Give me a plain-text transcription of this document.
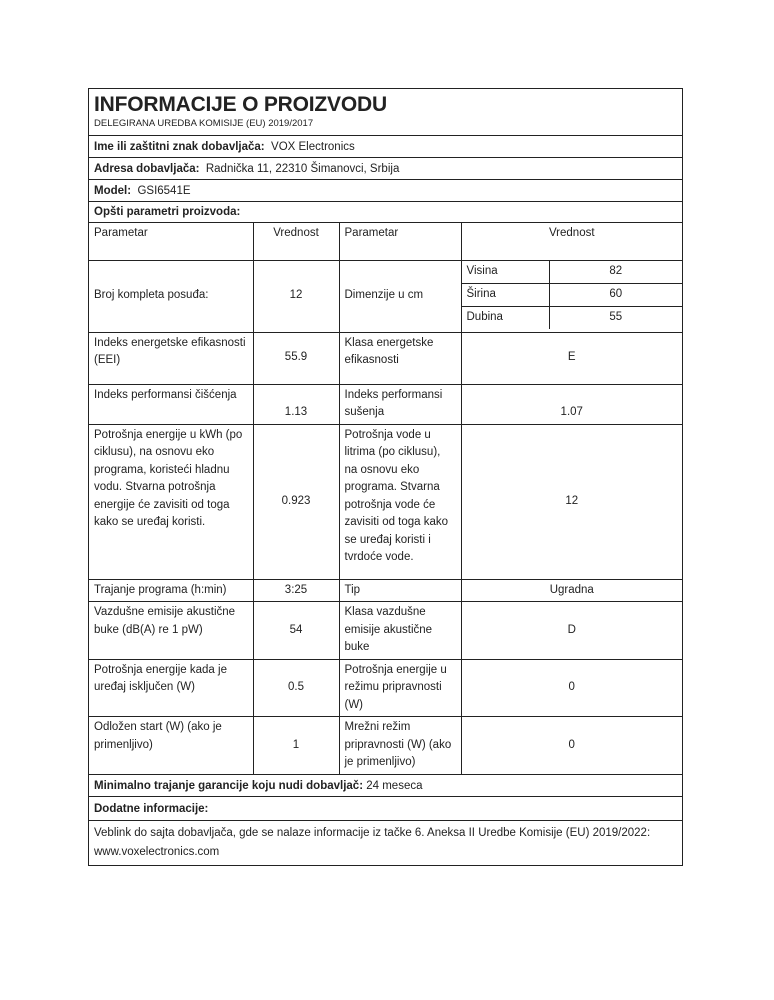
INFORMACIJE O PROIZVODU
DELEGIRANA UREDBA KOMISIJE (EU) 2019/2017
Ime ili zaštitni znak dobavljača: VOX Electronics
Adresa dobavljača: Radnička 11, 22310 Šimanovci, Srbija
Model: GSI6541E
Opšti parametri proizvoda:
Parametar	Vrednost	Parametar	Vrednost
Broj kompleta posuđa:	12	Dimenzije u cm	
Visina	82
Širina	60
Dubina	55

Indeks energetske efikasnosti (EEI)	55.9	Klasa energetske efikasnosti	E
Indeks performansi čišćenja	1.13	Indeks performansi sušenja	1.07
Potrošnja energije u kWh (po ciklusu), na osnovu eko programa, koristeći hladnu vodu. Stvarna potrošnja energije će zavisiti od toga kako se uređaj koristi.	0.923	Potrošnja vode u litrima (po ciklusu), na osnovu eko programa. Stvarna potrošnja vode će zavisiti od toga kako se uređaj koristi i tvrdoće vode.	12
Trajanje programa (h:min)	3:25	Tip	Ugradna
Vazdušne emisije akustične buke (dB(A) re 1 pW)	54	Klasa vazdušne emisije akustične buke	D
Potrošnja energije kada je uređaj isključen (W)	0.5	Potrošnja energije u režimu pripravnosti (W)	0
Odložen start (W) (ako je primenljivo)	1	Mrežni režim pripravnosti (W) (ako je primenljivo)	0
Minimalno trajanje garancije koju nudi dobavljač: 24 meseca
Dodatne informacije:
Veblink do sajta dobavljača, gde se nalaze informacije iz tačke 6. Aneksa II Uredbe Komisije (EU) 2019/2022:   www.voxelectronics.com
